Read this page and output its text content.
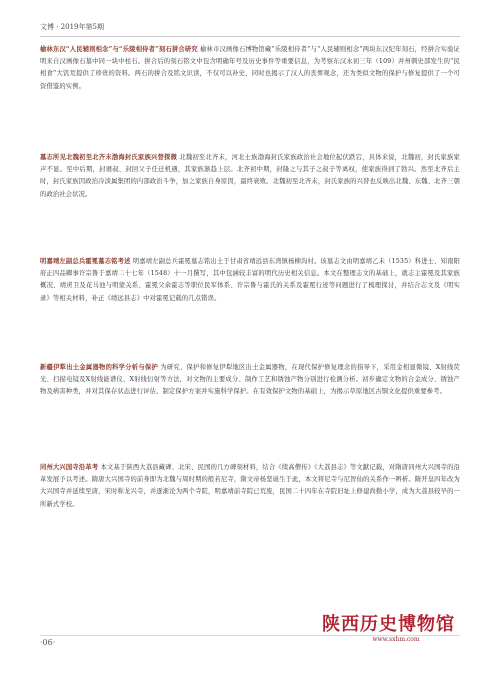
文博 · 2019年第5期
榆林东汉“人民辅则相念”与“乐陵相侍者”刻石拼合研究 榆林市汉画像石博物馆藏“乐陵相侍者”与“人民辅则相念”两块东汉纪年刻石，经拼合实验证明来自汉画像石墓中同一块中柱石。拼合后的刻石铭文中包含明确年号及历史事件等重要信息，为考察东汉永初三年（109）并州刺史部发生的“民相食”大饥荒提供了珍贵的资料。两石的拼合及铭文识读，不仅可以补史，同时也揭示了汉人的丧葬观念，还为类似文物的保护与修复提供了一个可资借鉴的实例。
墓志所见北魏初至北齐末渤海封氏家族兴替探微 北魏初至北齐末，河北士族渤海封氏家族政治社会地位起伏跌宕，具体来说，北魏初，封氏家族家声不显。至中后期，封廻叔、封回父子任迁机遇，其家族渐趋上层。北齐初中期，封隆之与其子之叔子等离权，使家族得到了勃兴。然至北齐后主时，封氏家族因政治冷淡属集团的内部政治斗争，加之家族自身原因，最终衰败。北魏初至北齐末，封氏家族的兴替也反映出北魏、东魏、北齐三朝的政治社会状况。
明嘉靖左副总兵霍冕墓志铭考述 明嘉靖左副总兵霍冕墓志铭出土于甘肃省靖远县东湾镇杨柳沟村。该墓志文由明嘉靖乙未（1535）科进士、知南阳府正四品卿事许宗鲁于嘉靖二十七年（1548）十一月撰写，其中包涵较丰富的明代历史相关信息。本文在整理志文的基础上，就志主霍冕及其家族概况、靖虏卫及花马池与明蒙关系、霍冕父余霍志等职位民军体系、许宗鲁与霍氏的关系及霍冕行迹等问题进行了梳理探讨，并结合志文及《明实录》等相关材料，补正《靖远县志》中对霍冕记载的几点错误。
新疆伊犁出土金属器物的科学分析与保护 为研究、保护和修复伊犁地区出土金属器物，在现代保护修复理念的指导下，采用金相显微镜、X射线荧光、扫描电镜及X射线能谱仪、X射线衍射等方法，对文物的主要成分、制作工艺和锈蚀产物分别进行检测分析。初步确定文物的合金成分、锈蚀产物及病害种类，并对其保存状态进行评估，制定保护方案并实施科学保护。在有效保护文物的基础上，为揭示草原地区古铜文化提供重要参考。
同州大兴国寺沿革考 本文基于陕西大荔县藏碑、北宋、民国的几方碑刻材料，结合《续高僧传》《大荔县志》等文献记载，对隋唐同州大兴国寺的沿革发展予以考述。隋唐大兴国寺的前身即为北魏与周时期的般若尼寺，隋文帝杨坚诞生于此，本文将尼寺与尼智仙的关系作一辨析。隋开皇四年改为大兴国寺并延续至唐，宋时称龙兴寺，并逐渐沦为两个寺院，明嘉靖前寺院已荒废，民国二十四年在寺院旧址上修建尚勤小学，成为大荔县较早的一所新式学校。
陕西历史博物馆
·06·	www.sxhm.com
